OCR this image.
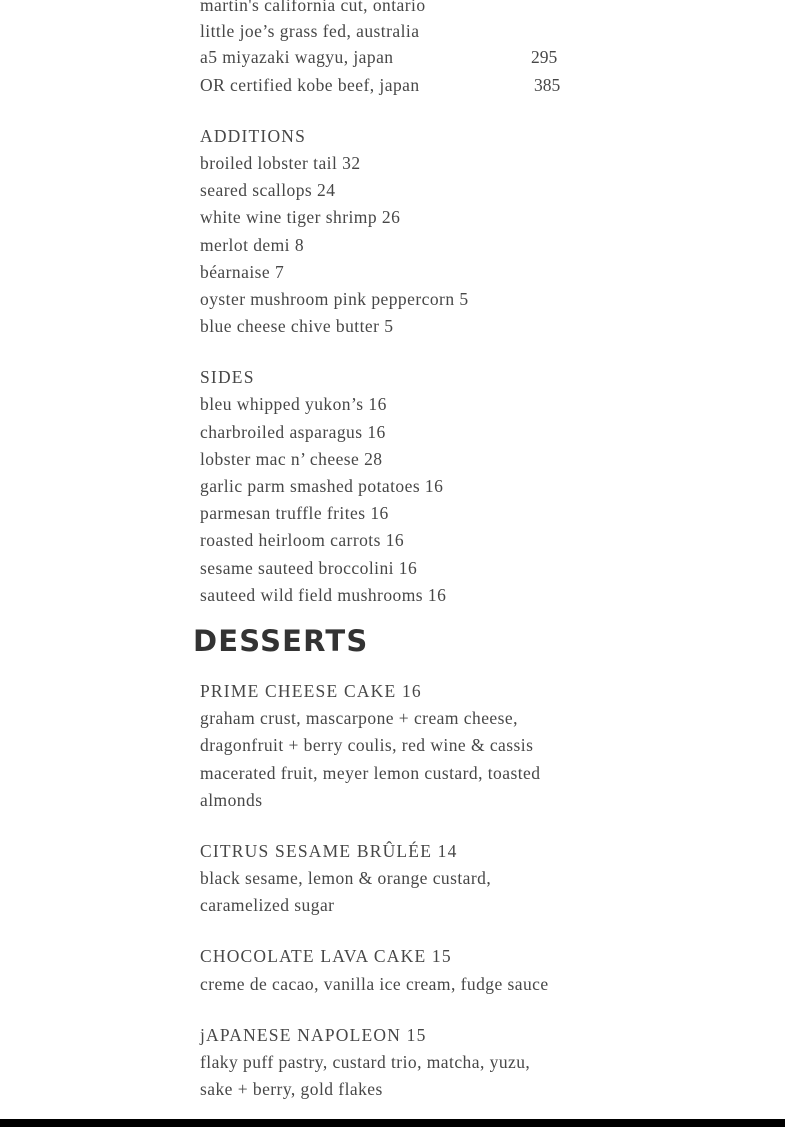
martin's california cut, ontario

little joe’s grass fed, australia

a5 miyazaki wagyu, japan	295

OR certified kobe beef, japan	385

ADDITIONS

broiled lobster tail 32

seared scallops 24

white wine tiger shrimp 26

merlot demi 8

béarnaise 7

oyster mushroom pink peppercorn 5

blue cheese chive butter 5

SIDES

bleu whipped yukon’s 16

charbroiled asparagus 16

lobster mac n’ cheese 28

garlic parm smashed potatoes 16

parmesan truffle frites 16

roasted heirloom carrots 16

sesame sauteed broccolini 16

sauteed wild field mushrooms 16

DESSERTS

PRIME CHEESE CAKE 16

graham crust, mascarpone + cream cheese,

dragonfruit + berry coulis, red wine & cassis

macerated fruit, meyer lemon custard, toasted

almonds

CITRUS SESAME BRÛLÉE 14

black sesame, lemon & orange custard,

caramelized sugar

CHOCOLATE LAVA CAKE 15

creme de cacao, vanilla ice cream, fudge sauce

jAPANESE NAPOLEON 15

flaky puff pastry, custard trio, matcha, yuzu,

sake + berry, gold flakes
